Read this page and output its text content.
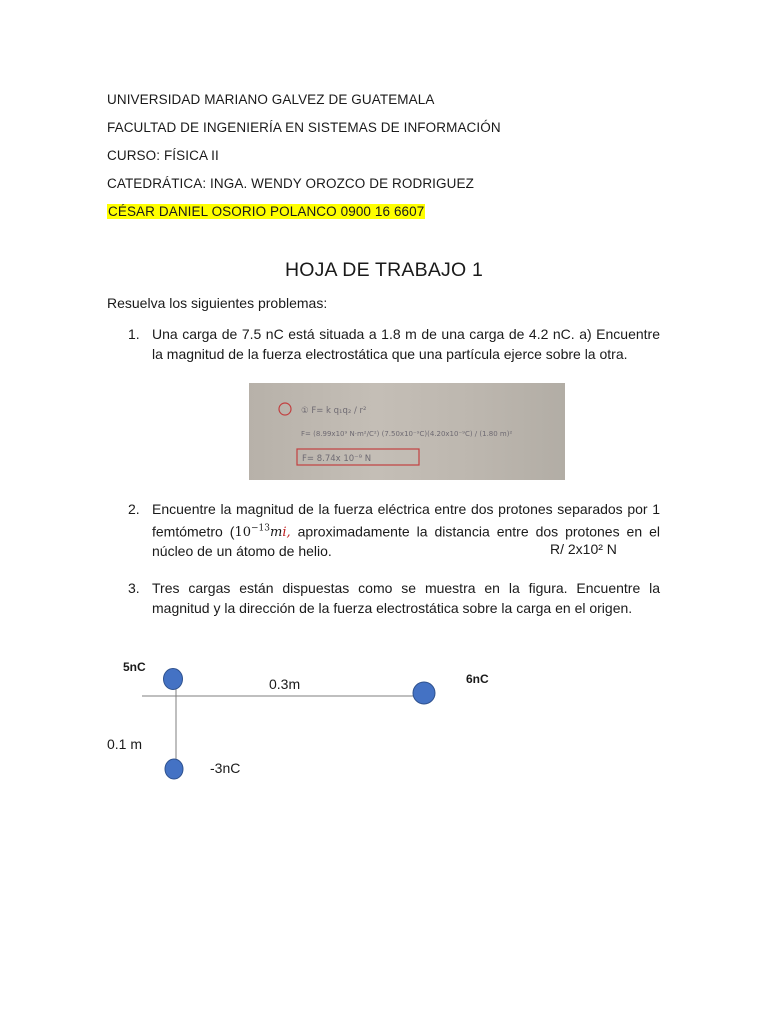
UNIVERSIDAD MARIANO GALVEZ DE GUATEMALA
FACULTAD DE INGENIERÍA EN SISTEMAS DE INFORMACIÓN
CURSO: FÍSICA II
CATEDRÁTICA: INGA. WENDY OROZCO DE RODRIGUEZ
CÉSAR DANIEL OSORIO POLANCO 0900 16 6607
HOJA DE TRABAJO 1
Resuelva los siguientes problemas:
1. Una carga de 7.5 nC está situada a 1.8 m de una carga de 4.2 nC. a) Encuentre la magnitud de la fuerza electrostática que una partícula ejerce sobre la otra.
① F= k q₁q₂ / r²
F= (8.99x10⁹ N·m²/C²) (7.50x10⁻⁹C)(4.20x10⁻⁹C) / (1.80 m)²
F= 8.74x 10⁻⁹ N
2. Encuentre la magnitud de la fuerza eléctrica entre dos protones separados por 1 femtómetro ($10^{-13}mi$, aproximadamente la distancia entre dos protones en el núcleo de un átomo de helio.	R/ 2x10² N
3. Tres cargas están dispuestas como se muestra en la figura. Encuentre la magnitud y la dirección de la fuerza electrostática sobre la carga en el origen.
5nC
6nC
0.3m
0.1 m
-3nC
